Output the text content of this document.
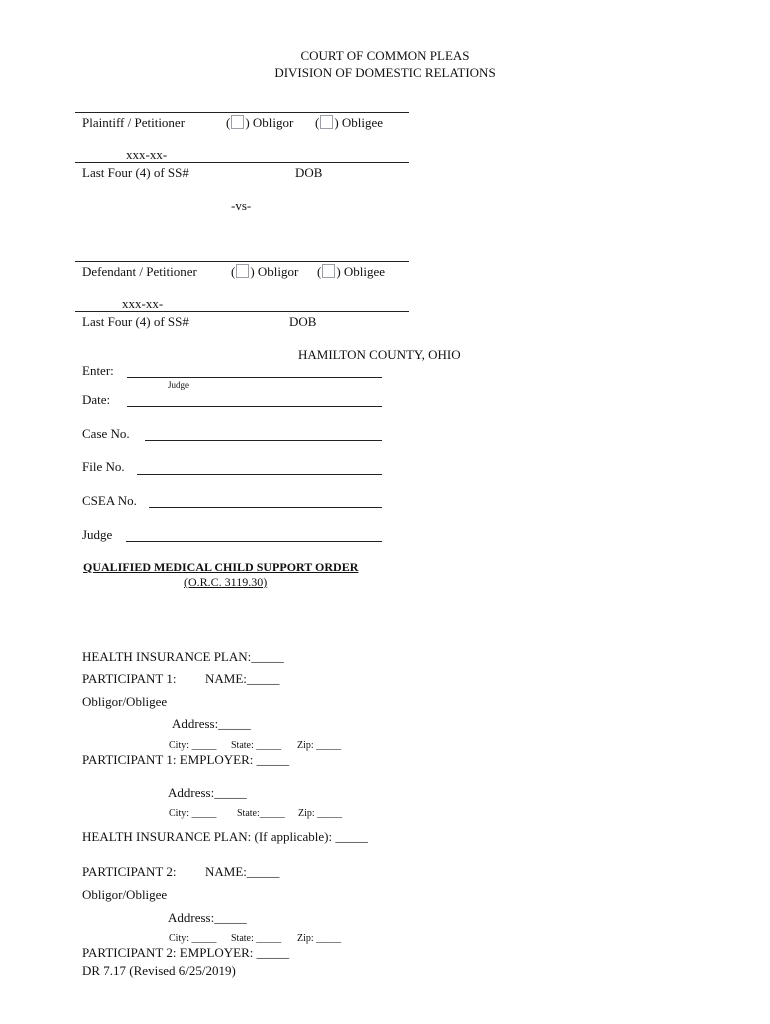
COURT OF COMMON PLEAS
DIVISION OF DOMESTIC RELATIONS
Plaintiff / Petitioner	( ) Obligor ( ) Obligee
xxx-xx-
Last Four (4) of SS#	DOB
-vs-
Defendant / Petitioner	( ) Obligor ( ) Obligee
xxx-xx-
Last Four (4) of SS#	DOB
HAMILTON COUNTY, OHIO
Enter:
Judge
Date:
Case No.
File No.
CSEA No.
Judge
QUALIFIED MEDICAL CHILD SUPPORT ORDER
(O.R.C. 3119.30)
HEALTH INSURANCE PLAN:_____
PARTICIPANT 1: NAME:_____
Obligor/Obligee
Address:_____
City: _____ State: _____ Zip: _____
PARTICIPANT 1: EMPLOYER: _____
Address:_____
City: _____ State:_____ Zip: _____
HEALTH INSURANCE PLAN: (If applicable): _____
PARTICIPANT 2: NAME:_____
Obligor/Obligee
Address:_____
City: _____ State: _____ Zip: _____
PARTICIPANT 2: EMPLOYER: _____
DR 7.17 (Revised 6/25/2019)
